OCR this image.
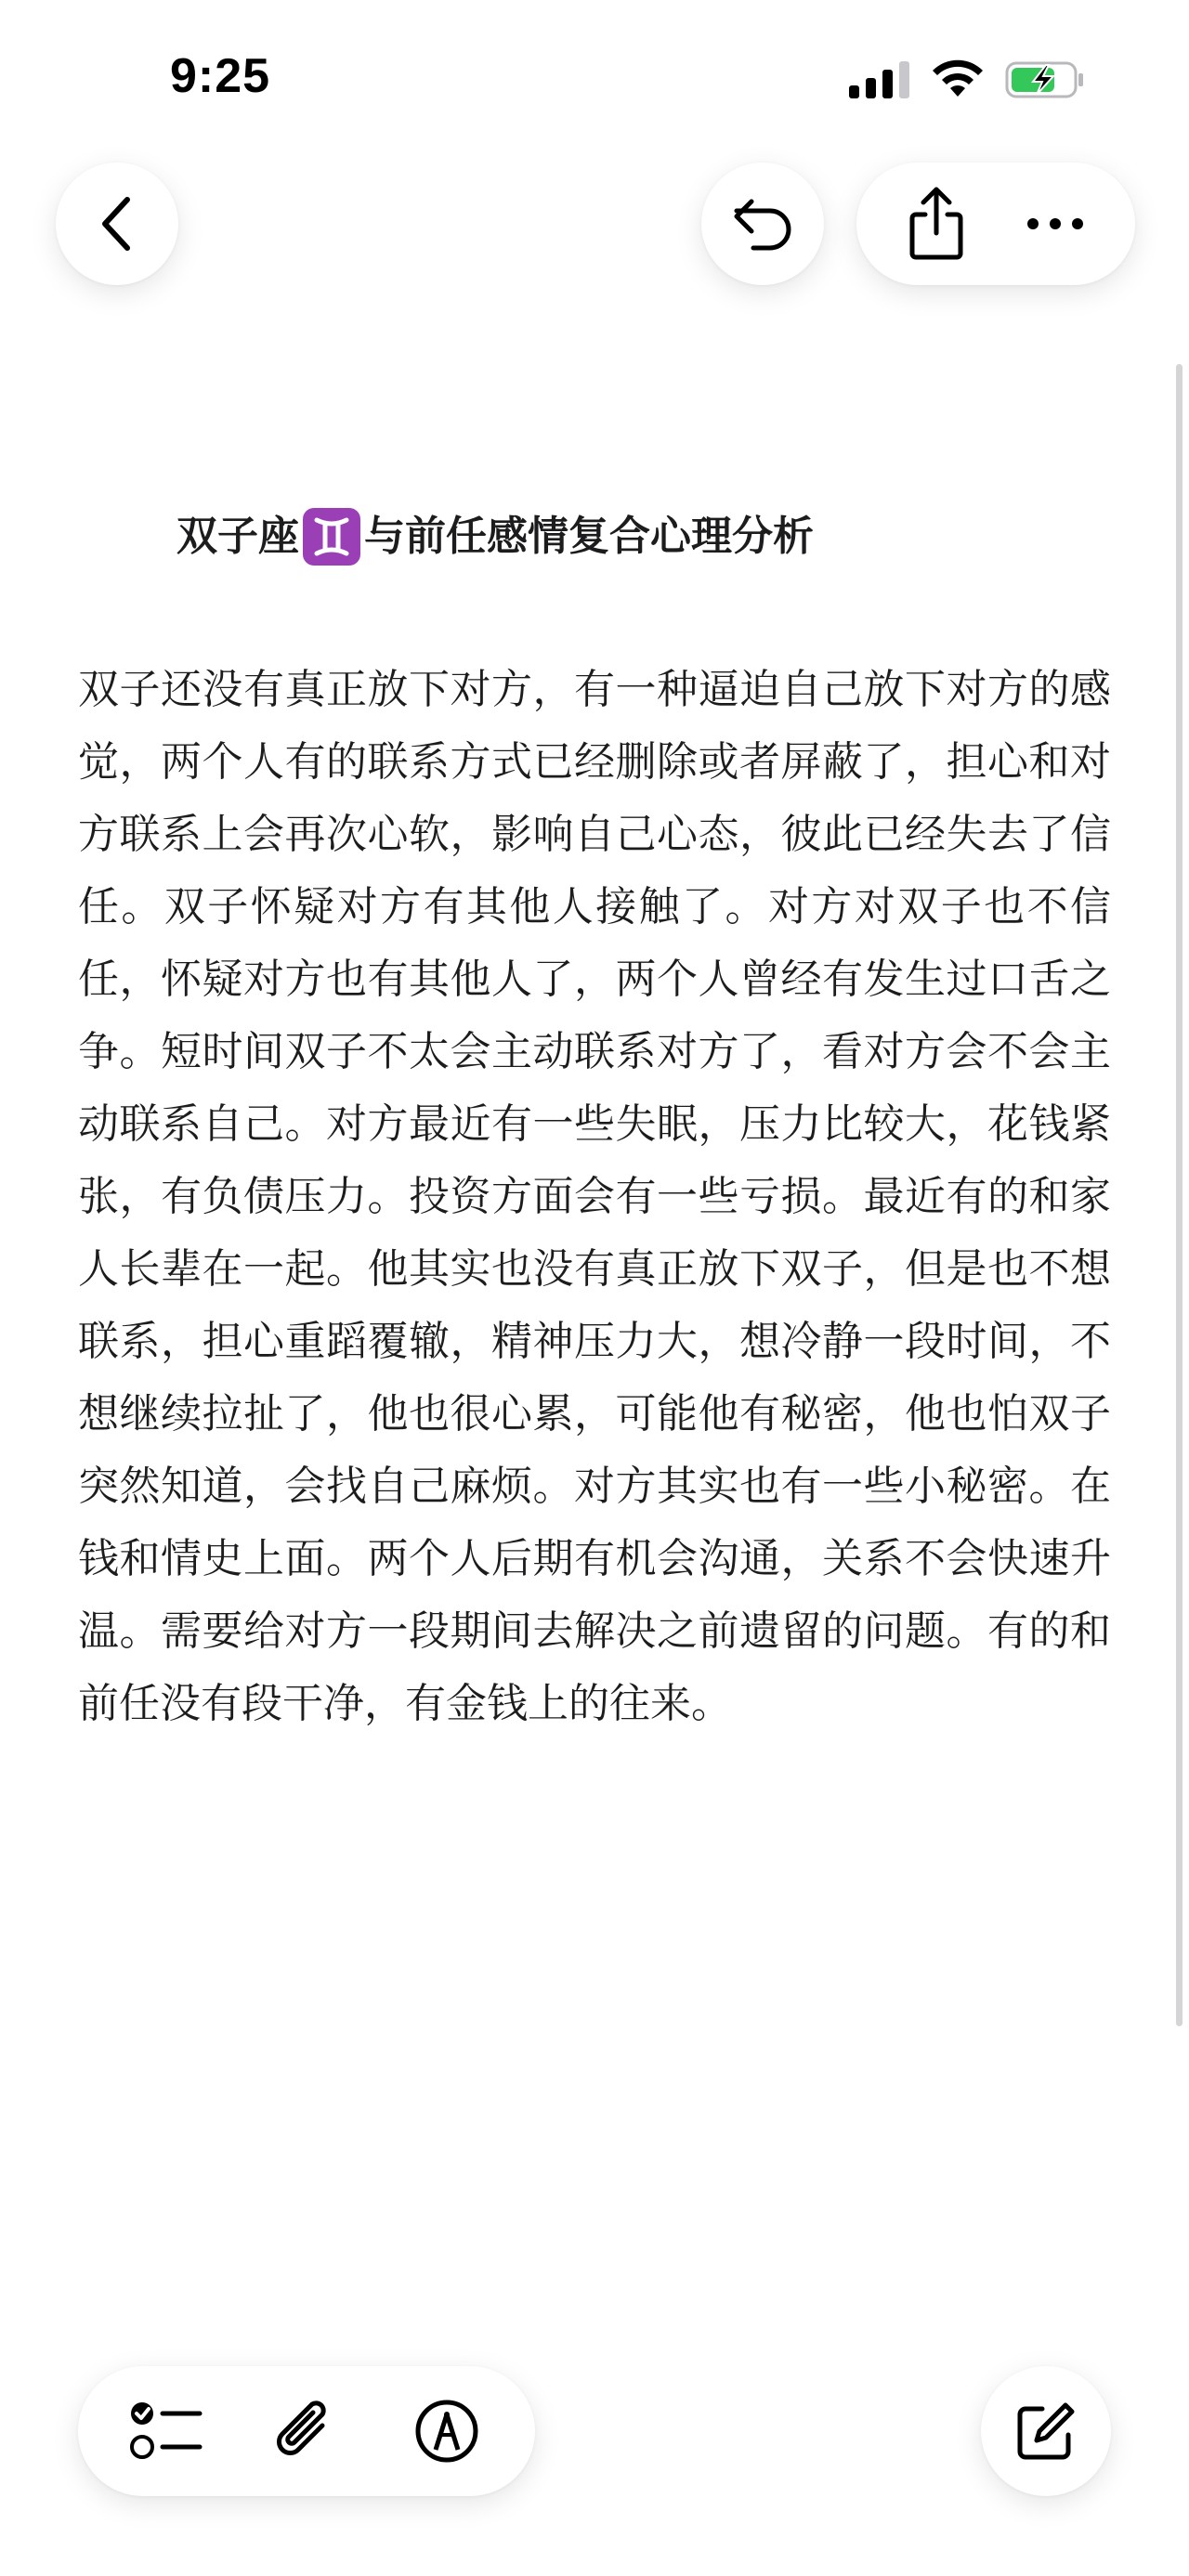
9:25
双子座 与前任感情复合心理分析

双子还没有真正放下对方，有一种逼迫自己放下对方的感觉，两个人有的联系方式已经删除或者屏蔽了，担心和对方联系上会再次心软，影响自己心态，彼此已经失去了信任。双子怀疑对方有其他人接触了。对方对双子也不信任，怀疑对方也有其他人了，两个人曾经有发生过口舌之争。短时间双子不太会主动联系对方了，看对方会不会主动联系自己。对方最近有一些失眠，压力比较大，花钱紧张，有负债压力。投资方面会有一些亏损。最近有的和家人长辈在一起。他其实也没有真正放下双子，但是也不想联系，担心重蹈覆辙，精神压力大，想冷静一段时间，不想继续拉扯了，他也很心累，可能他有秘密，他也怕双子突然知道，会找自己麻烦。对方其实也有一些小秘密。在钱和情史上面。两个人后期有机会沟通，关系不会快速升温。需要给对方一段期间去解决之前遗留的问题。有的和前任没有段干净，有金钱上的往来。
